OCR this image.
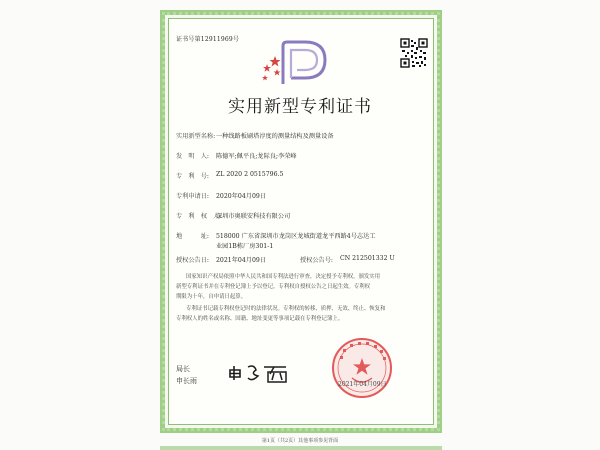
证书号第12911969号
实用新型专利证书
实用新型名称: 一种线路板刷塔淳度的测量结构及测量设备
发　明　人: 陈德军;佩平良;龙际良;李荣峰
专　利　号: ZL 2020 2 0515796.5
专利申请日: 2020年04月09日
专　利　权　人:
深圳市奥联安科技有限公司
地　　　址: 518000 广东省深圳市龙岗区龙城街道龙平西路4号志达工
业园1B栋厂房301-1
授权公告日: 2021年04月09日	授权公告号: CN 212501332 U
国家知识产权局依照中华人民共和国专利法进行审查，决定授予专利权，颁发实用
新型专利证书并在专利登记簿上予以登记。专利权自授权公告之日起生效。专利权
期限为十年，自申请日起算。
专利证书记载专利权登记时的法律状况。专利权的转移、质押、无效、终止、恢复和
专利权人的姓名或名称、国籍、地址变更等事项记载在专利登记簿上。
局长
申长雨	2021年04月09日
第1页（共2页）其他事项参见背面
